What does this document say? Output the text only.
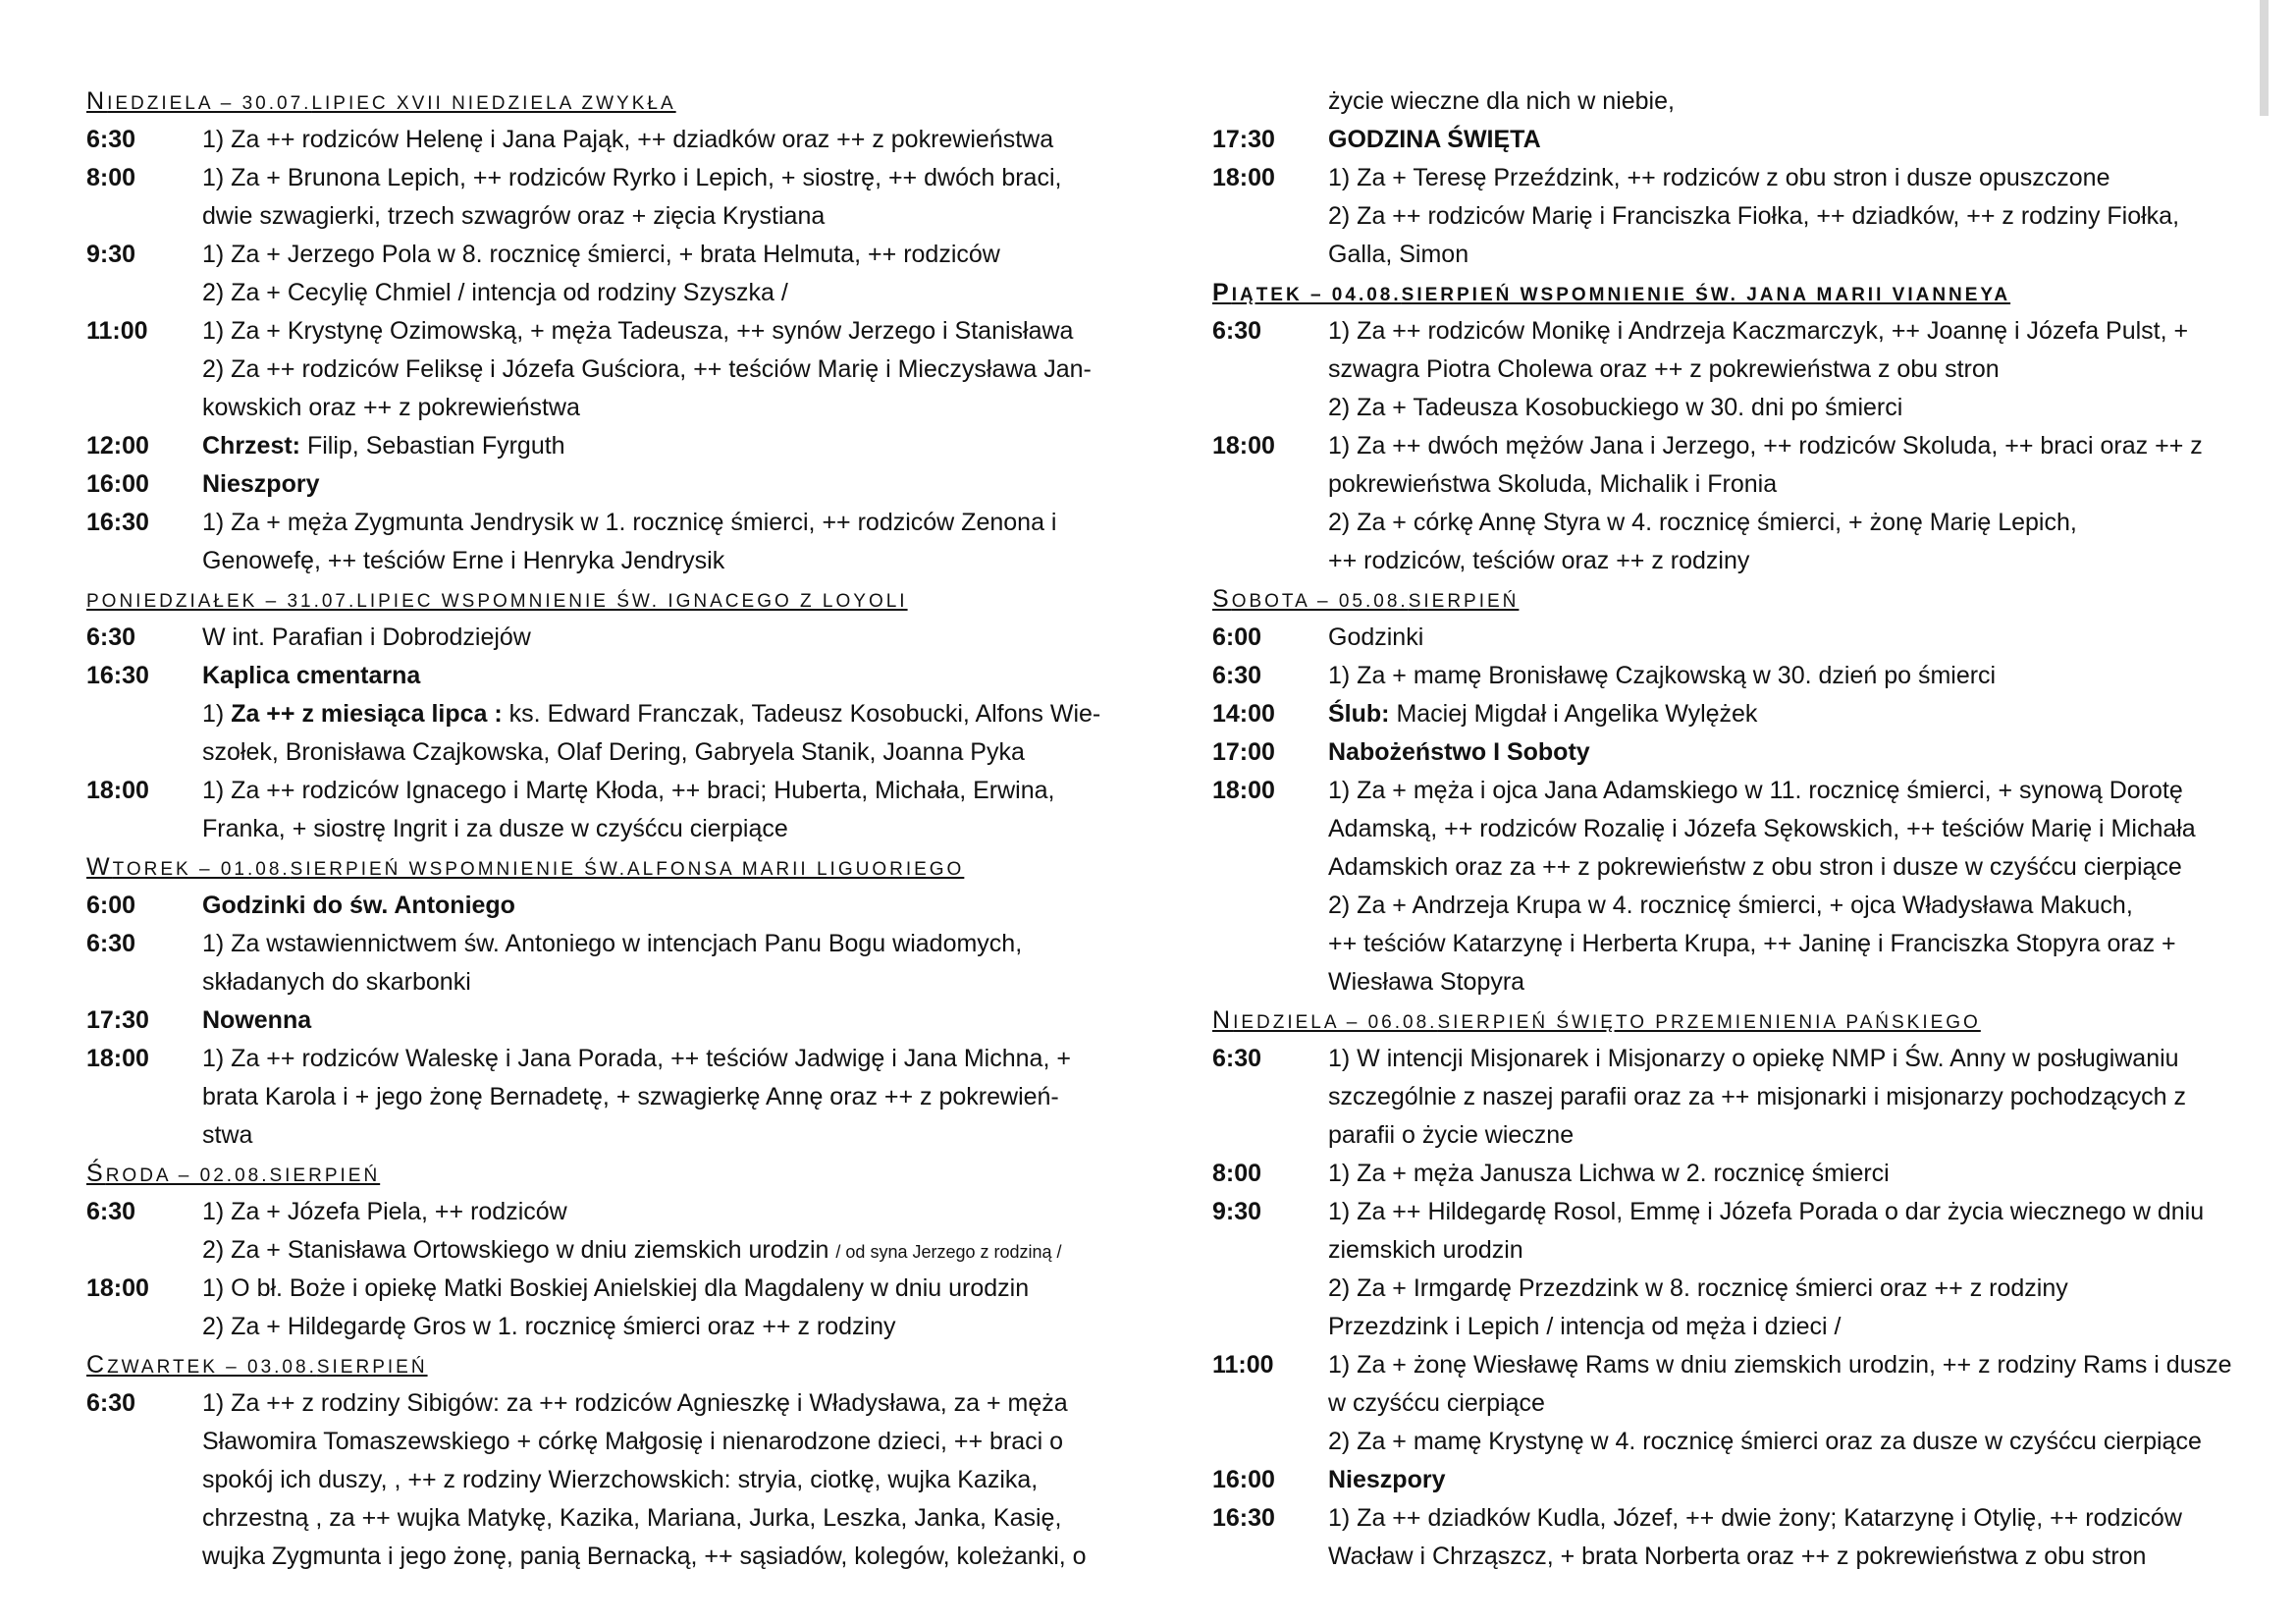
NIEDZIELA – 30.07.LIPIEC XVII NIEDZIELA ZWYKŁA
6:30	1) Za ++ rodziców Helenę i Jana Pająk, ++ dziadków oraz ++ z pokrewieństwa
8:00	1) Za + Brunona Lepich, ++ rodziców Ryrko i Lepich, + siostrę, ++ dwóch braci,
dwie szwagierki, trzech szwagrów oraz + zięcia Krystiana
9:30	1) Za + Jerzego Pola w 8. rocznicę śmierci, + brata Helmuta, ++ rodziców
2) Za + Cecylię Chmiel / intencja od rodziny Szyszka /
11:00 1) Za + Krystynę Ozimowską, + męża Tadeusza, ++ synów Jerzego i Stanisława
2) Za ++ rodziców Feliksę i Józefa Guściora, ++ teściów Marię i Mieczysława Jan-
kowskich oraz ++ z pokrewieństwa
12:00 Chrzest: Filip, Sebastian Fyrguth
16:00 Nieszpory
16:30 1) Za + męża Zygmunta Jendrysik w 1. rocznicę śmierci, ++ rodziców Zenona i
Genowefę, ++ teściów Erne i Henryka Jendrysik
PONIEDZIAŁEK – 31.07.LIPIEC WSPOMNIENIE ŚW. IGNACEGO Z LOYOLI
6:30	W int. Parafian i Dobrodziejów
16:30 Kaplica cmentarna
1) Za ++ z miesiąca lipca : ks. Edward Franczak, Tadeusz Kosobucki, Alfons Wie-
szołek, Bronisława Czajkowska, Olaf Dering, Gabryela Stanik, Joanna Pyka
18:00 1) Za ++ rodziców Ignacego i Martę Kłoda, ++ braci; Huberta, Michała, Erwina,
Franka, + siostrę Ingrit i za dusze w czyśćcu cierpiące
WTOREK – 01.08.SIERPIEŃ WSPOMNIENIE ŚW.ALFONSA MARII LIGUORIEGO
6:00	Godzinki do św. Antoniego
6:30	1) Za wstawiennictwem św. Antoniego w intencjach Panu Bogu wiadomych,
składanych do skarbonki
17:30 Nowenna
18:00 1) Za ++ rodziców Waleskę i Jana Porada, ++ teściów Jadwigę i Jana Michna, +
brata Karola i + jego żonę Bernadetę, + szwagierkę Annę oraz ++ z pokrewień-
stwa
ŚRODA – 02.08.SIERPIEŃ
6:30	1) Za + Józefa Piela, ++ rodziców
2) Za + Stanisława Ortowskiego w dniu ziemskich urodzin / od syna Jerzego z rodziną /
18:00 1) O bł. Boże i opiekę Matki Boskiej Anielskiej dla Magdaleny w dniu urodzin
2) Za + Hildegardę Gros w 1. rocznicę śmierci oraz ++ z rodziny
CZWARTEK – 03.08.SIERPIEŃ
6:30	1) Za ++ z rodziny Sibigów: za ++ rodziców Agnieszkę i Władysława, za + męża
Sławomira Tomaszewskiego + córkę Małgosię i nienarodzone dzieci, ++ braci o
spokój ich duszy, , ++ z rodziny Wierzchowskich: stryia, ciotkę, wujka Kazika,
chrzestną , za ++ wujka Matykę, Kazika, Mariana, Jurka, Leszka, Janka, Kasię,
wujka Zygmunta i jego żonę, panią Bernacką, ++ sąsiadów, kolegów, koleżanki, o
życie wieczne dla nich w niebie,
17:30 GODZINA ŚWIĘTA
18:00 1) Za + Teresę Przeździnk, ++ rodziców z obu stron i dusze opuszczone
2) Za ++ rodziców Marię i Franciszka Fiołka, ++ dziadków, ++ z rodziny Fiołka,
Galla, Simon
PIĄTEK – 04.08.SIERPIEŃ WSPOMNIENIE ŚW. JANA MARII VIANNEYA
6:30	1) Za ++ rodziców Monikę i Andrzeja Kaczmarczyk, ++ Joannę i Józefa Pulst, +
szwagra Piotra Cholewa oraz ++ z pokrewieństwa z obu stron
2) Za + Tadeusza Kosobuckiego w 30. dni po śmierci
18:00 1) Za ++ dwóch mężów Jana i Jerzego, ++ rodziców Skoluda, ++ braci oraz ++ z
pokrewieństwa Skoluda, Michalik i Fronia
2) Za + córkę Annę Styra w 4. rocznicę śmierci, + żonę Marię Lepich,
++ rodziców, teściów oraz ++ z rodziny
SOBOTA – 05.08.SIERPIEŃ
6:00	Godzinki
6:30	1) Za + mamę Bronisławę Czajkowską w 30. dzień po śmierci
14:00 Ślub: Maciej Migdał i Angelika Wylężek
17:00 Nabożeństwo I Soboty
18:00 1) Za + męża i ojca Jana Adamskiego w 11. rocznicę śmierci, + synową Dorotę
Adamską, ++ rodziców Rozalię i Józefa Sękowskich, ++ teściów Marię i Michała
Adamskich oraz za ++ z pokrewieństw z obu stron i dusze w czyśćcu cierpiące
2) Za + Andrzeja Krupa w 4. rocznicę śmierci, + ojca Władysława Makuch,
++ teściów Katarzynę i Herberta Krupa, ++ Janinę i Franciszka Stopyra oraz +
Wiesława Stopyra
NIEDZIELA – 06.08.SIERPIEŃ ŚWIĘTO PRZEMIENIENIA PAŃSKIEGO
6:30	1) W intencji Misjonarek i Misjonarzy o opiekę NMP i Św. Anny w posługiwaniu
szczególnie z naszej parafii oraz za ++ misjonarki i misjonarzy pochodzących z
parafii o życie wieczne
8:00	1) Za + męża Janusza Lichwa w 2. rocznicę śmierci
9:30	1) Za ++ Hildegardę Rosol, Emmę i Józefa Porada o dar życia wiecznego w dniu
ziemskich urodzin
2) Za + Irmgardę Przezdzink w 8. rocznicę śmierci oraz ++ z rodziny
Przezdzink i Lepich / intencja od męża i dzieci /
11:00 1) Za + żonę Wiesławę Rams w dniu ziemskich urodzin, ++ z rodziny Rams i dusze
w czyśćcu cierpiące
2) Za + mamę Krystynę w 4. rocznicę śmierci oraz za dusze w czyśćcu cierpiące
16:00 Nieszpory
16:30 1) Za ++ dziadków Kudla, Józef, ++ dwie żony; Katarzynę i Otylię, ++ rodziców
Wacław i Chrząszcz, + brata Norberta oraz ++ z pokrewieństwa z obu stron
